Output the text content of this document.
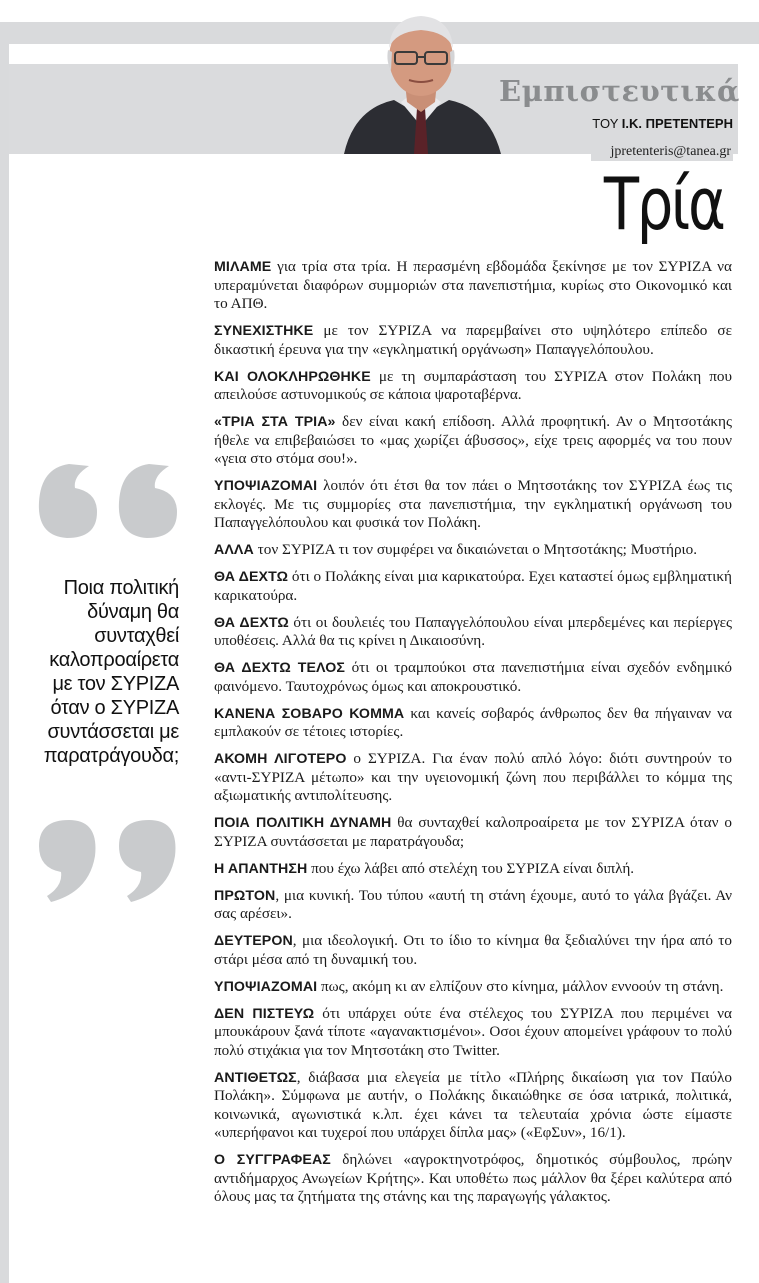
Εμπιστευτικά
ΤΟΥ Ι.Κ. ΠΡΕΤΕΝΤΕΡΗ
jpretenteris@tanea.gr
Τρία
Ποια πολιτική δύναμη θα συνταχθεί καλοπροαίρετα με τον ΣΥΡΙΖΑ όταν ο ΣΥΡΙΖΑ συντάσσεται με παρατράγουδα;

ΜΙΛΑΜΕ για τρία στα τρία. Η περασμένη εβδομάδα ξεκίνησε με τον ΣΥΡΙΖΑ να υπεραμύνεται διαφόρων συμμοριών στα πανεπιστήμια, κυρίως στο Οικονομικό και το ΑΠΘ.

ΣΥΝΕΧΙΣΤΗΚΕ με τον ΣΥΡΙΖΑ να παρεμβαίνει στο υψηλότερο επίπεδο σε δικαστική έρευνα για την «εγκληματική οργάνωση» Παπαγγελόπουλου.

ΚΑΙ ΟΛΟΚΛΗΡΩΘΗΚΕ με τη συμπαράσταση του ΣΥΡΙΖΑ στον Πολάκη που απειλούσε αστυνομικούς σε κάποια ψαροταβέρνα.

«ΤΡΙΑ ΣΤΑ ΤΡΙΑ» δεν είναι κακή επίδοση. Αλλά προφητική. Αν ο Μητσοτάκης ήθελε να επιβεβαιώσει το «μας χωρίζει άβυσσος», είχε τρεις αφορμές να του πουν «γεια στο στόμα σου!».

ΥΠΟΨΙΑΖΟΜΑΙ λοιπόν ότι έτσι θα τον πάει ο Μητσοτάκης τον ΣΥΡΙΖΑ έως τις εκλογές. Με τις συμμορίες στα πανεπιστήμια, την εγκληματική οργάνωση του Παπαγγελόπουλου και φυσικά τον Πολάκη.

ΑΛΛΑ τον ΣΥΡΙΖΑ τι τον συμφέρει να δικαιώνεται ο Μητσοτάκης; Μυστήριο.

ΘΑ ΔΕΧΤΩ ότι ο Πολάκης είναι μια καρικατούρα. Εχει καταστεί όμως εμβληματική καρικατούρα.

ΘΑ ΔΕΧΤΩ ότι οι δουλειές του Παπαγγελόπουλου είναι μπερδεμένες και περίεργες υποθέσεις. Αλλά θα τις κρίνει η Δικαιοσύνη.

ΘΑ ΔΕΧΤΩ ΤΕΛΟΣ ότι οι τραμπούκοι στα πανεπιστήμια είναι σχεδόν ενδημικό φαινόμενο. Ταυτοχρόνως όμως και αποκρουστικό.

ΚΑΝΕΝΑ ΣΟΒΑΡΟ ΚΟΜΜΑ και κανείς σοβαρός άνθρωπος δεν θα πήγαιναν να εμπλακούν σε τέτοιες ιστορίες.

ΑΚΟΜΗ ΛΙΓΟΤΕΡΟ ο ΣΥΡΙΖΑ. Για έναν πολύ απλό λόγο: διότι συντηρούν το «αντι-ΣΥΡΙΖΑ μέτωπο» και την υγειονομική ζώνη που περιβάλλει το κόμμα της αξιωματικής αντιπολίτευσης.

ΠΟΙΑ ΠΟΛΙΤΙΚΗ ΔΥΝΑΜΗ θα συνταχθεί καλοπροαίρετα με τον ΣΥΡΙΖΑ όταν ο ΣΥΡΙΖΑ συντάσσεται με παρατράγουδα;

Η ΑΠΑΝΤΗΣΗ που έχω λάβει από στελέχη του ΣΥΡΙΖΑ είναι διπλή.

ΠΡΩΤΟΝ, μια κυνική. Του τύπου «αυτή τη στάνη έχουμε, αυτό το γάλα βγάζει. Αν σας αρέσει».

ΔΕΥΤΕΡΟΝ, μια ιδεολογική. Οτι το ίδιο το κίνημα θα ξεδιαλύνει την ήρα από το στάρι μέσα από τη δυναμική του.

ΥΠΟΨΙΑΖΟΜΑΙ πως, ακόμη κι αν ελπίζουν στο κίνημα, μάλλον εννοούν τη στάνη.

ΔΕΝ ΠΙΣΤΕΥΩ ότι υπάρχει ούτε ένα στέλεχος του ΣΥΡΙΖΑ που περιμένει να μπουκάρουν ξανά τίποτε «αγανακτισμένοι». Οσοι έχουν απομείνει γράφουν το πολύ πολύ στιχάκια για τον Μητσοτάκη στο Twitter.

ΑΝΤΙΘΕΤΩΣ, διάβασα μια ελεγεία με τίτλο «Πλήρης δικαίωση για τον Παύλο Πολάκη». Σύμφωνα με αυτήν, ο Πολάκης δικαιώθηκε σε όσα ιατρικά, πολιτικά, κοινωνικά, αγωνιστικά κ.λπ. έχει κάνει τα τελευταία χρόνια ώστε είμαστε «υπερήφανοι και τυχεροί που υπάρχει δίπλα μας» («ΕφΣυν», 16/1).

Ο ΣΥΓΓΡΑΦΕΑΣ δηλώνει «αγροκτηνοτρόφος, δημοτικός σύμβουλος, πρώην αντιδήμαρχος Ανωγείων Κρήτης». Και υποθέτω πως μάλλον θα ξέρει καλύτερα από όλους μας τα ζητήματα της στάνης και της παραγωγής γάλακτος.
